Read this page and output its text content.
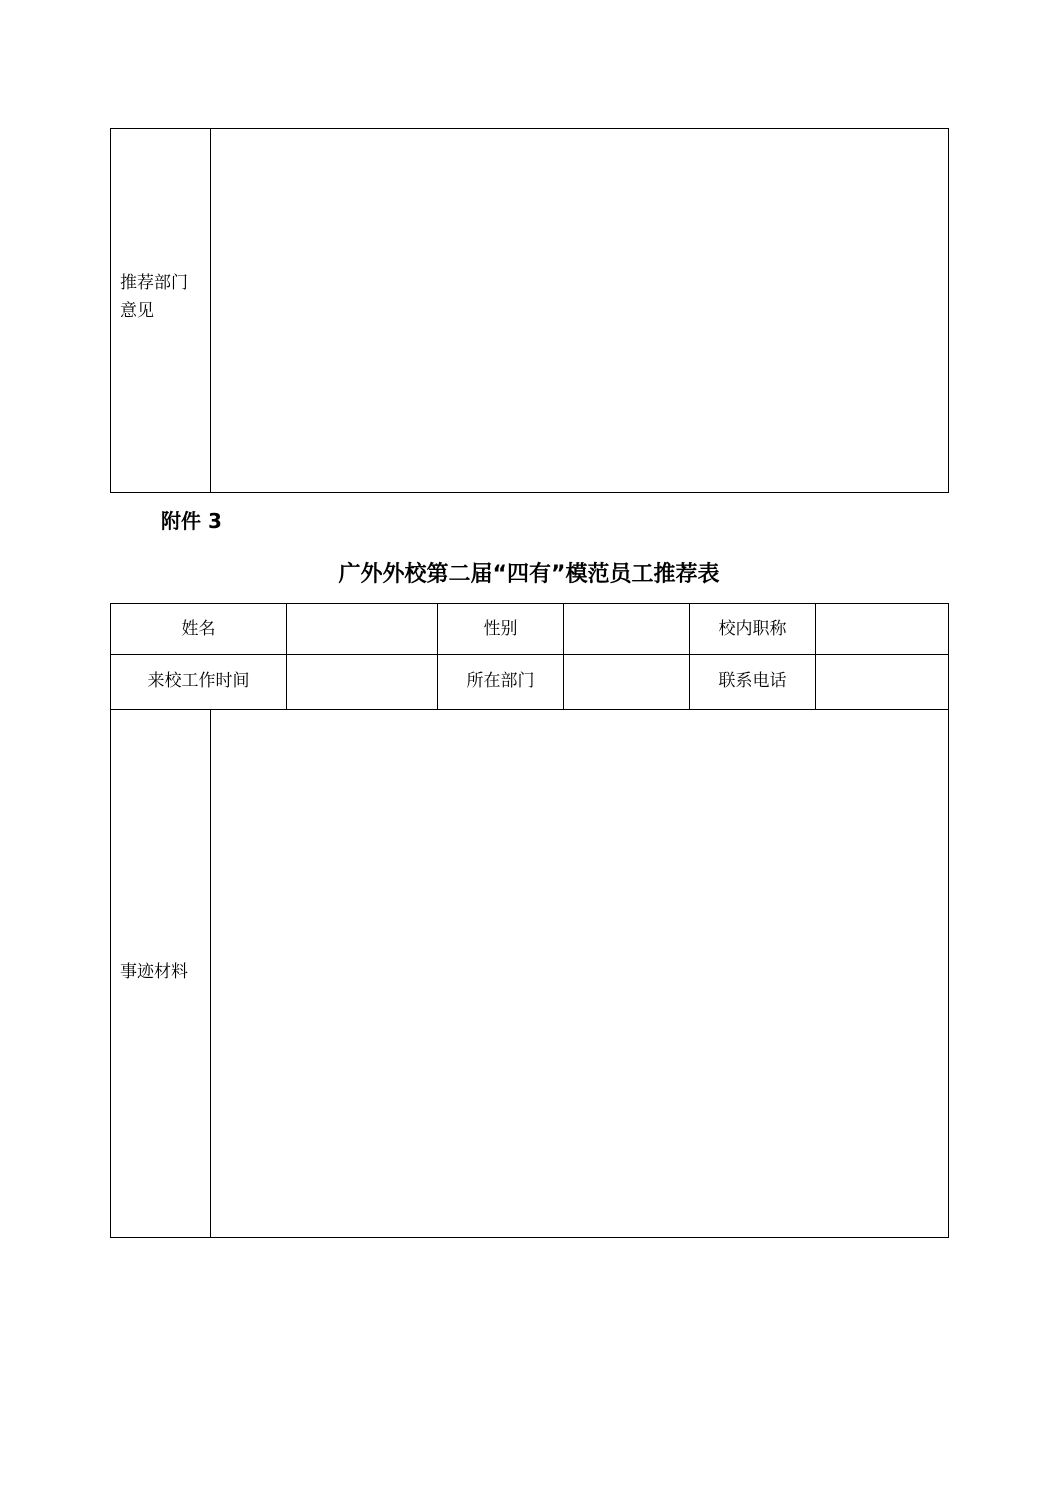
推荐部门
意见
附件 3
广外外校第二届“四有”模范员工推荐表
姓名	性别	校内职称
来校工作时间	所在部门	联系电话
事迹材料
